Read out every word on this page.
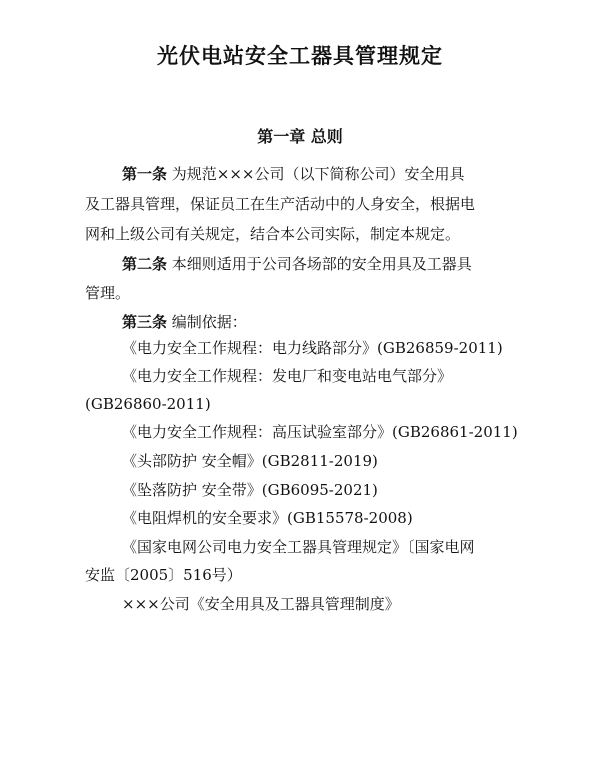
光伏电站安全工器具管理规定
第一章 总则

第一条 为规范×××公司（以下简称公司）安全用具

及工器具管理，保证员工在生产活动中的人身安全，根据电

网和上级公司有关规定，结合本公司实际，制定本规定。

第二条 本细则适用于公司各场部的安全用具及工器具

管理。

第三条 编制依据：

《电力安全工作规程：电力线路部分》(GB26859-2011)

《电力安全工作规程：发电厂和变电站电气部分》

(GB26860-2011)

《电力安全工作规程：高压试验室部分》(GB26861-2011)

《头部防护 安全帽》(GB2811-2019)

《坠落防护 安全带》(GB6095-2021)

《电阻焊机的安全要求》(GB15578-2008)

《国家电网公司电力安全工器具管理规定》〔国家电网

安监〔2005〕516号）

×××公司《安全用具及工器具管理制度》
